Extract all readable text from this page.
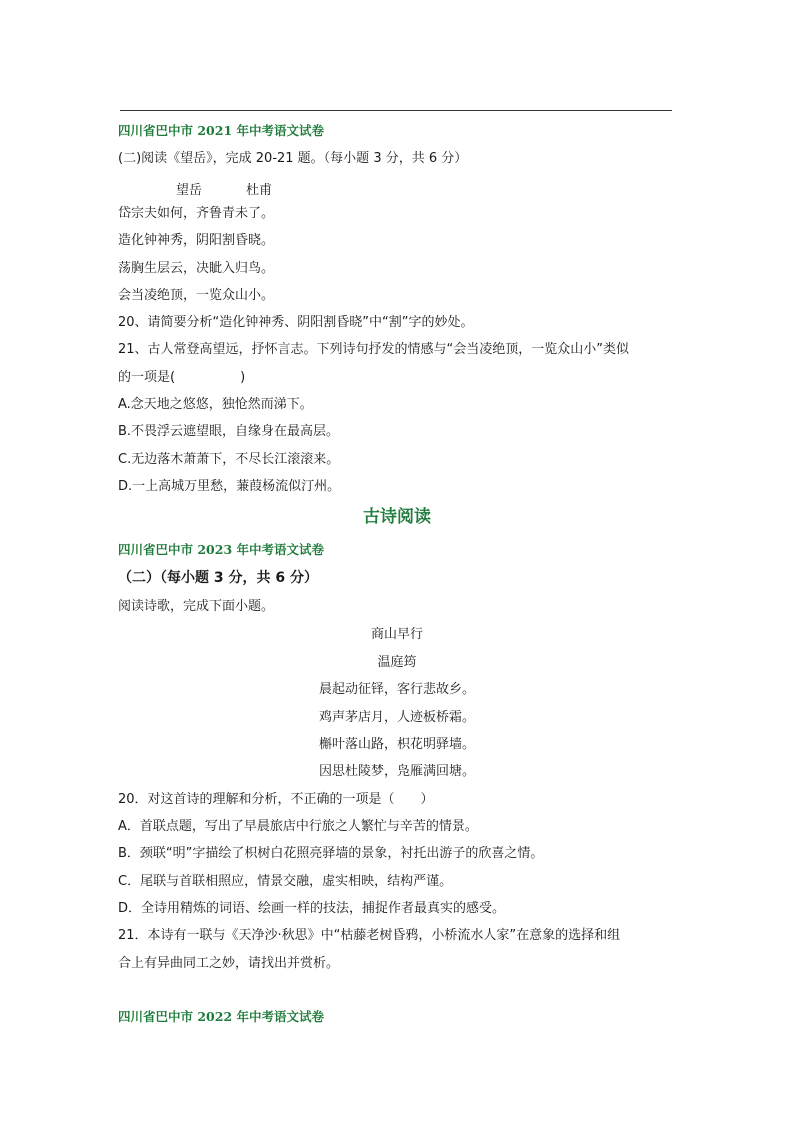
四川省巴中市 2021 年中考语文试卷
(二)阅读《望岳》，完成 20-21 题。（每小题 3 分，共 6 分）
望岳	杜甫
岱宗夫如何，齐鲁青未了。
造化钟神秀，阴阳割昏晓。
荡胸生层云，决眦入归鸟。
会当凌绝顶，一览众山小。
20、请简要分析“造化钟神秀、阴阳割昏晓”中“割”字的妙处。
21、古人常登高望远，抒怀言志。下列诗句抒发的情感与“会当凌绝顶，一览众山小”类似
的一项是(　　　　　)
A.念天地之悠悠，独怆然而涕下。
B.不畏浮云遮望眼，自缘身在最高层。
C.无边落木萧萧下，不尽长江滚滚来。
D.一上高城万里愁，蒹葭杨流似汀州。
古诗阅读
四川省巴中市 2023 年中考语文试卷
（二）（每小题 3 分，共 6 分）
阅读诗歌，完成下面小题。
商山早行
温庭筠
晨起动征铎，客行悲故乡。
鸡声茅店月，人迹板桥霜。
槲叶落山路，枳花明驿墙。
因思杜陵梦，凫雁满回塘。
20．对这首诗的理解和分析，不正确的一项是（　　）
A．首联点题，写出了早晨旅店中行旅之人繁忙与辛苦的情景。
B．颈联“明”字描绘了枳树白花照亮驿墙的景象，衬托出游子的欣喜之情。
C．尾联与首联相照应，情景交融，虚实相映，结构严谨。
D．全诗用精炼的词语、绘画一样的技法，捕捉作者最真实的感受。
21．本诗有一联与《天净沙·秋思》中“枯藤老树昏鸦，小桥流水人家”在意象的选择和组
合上有异曲同工之妙，请找出并赏析。
四川省巴中市 2022 年中考语文试卷
